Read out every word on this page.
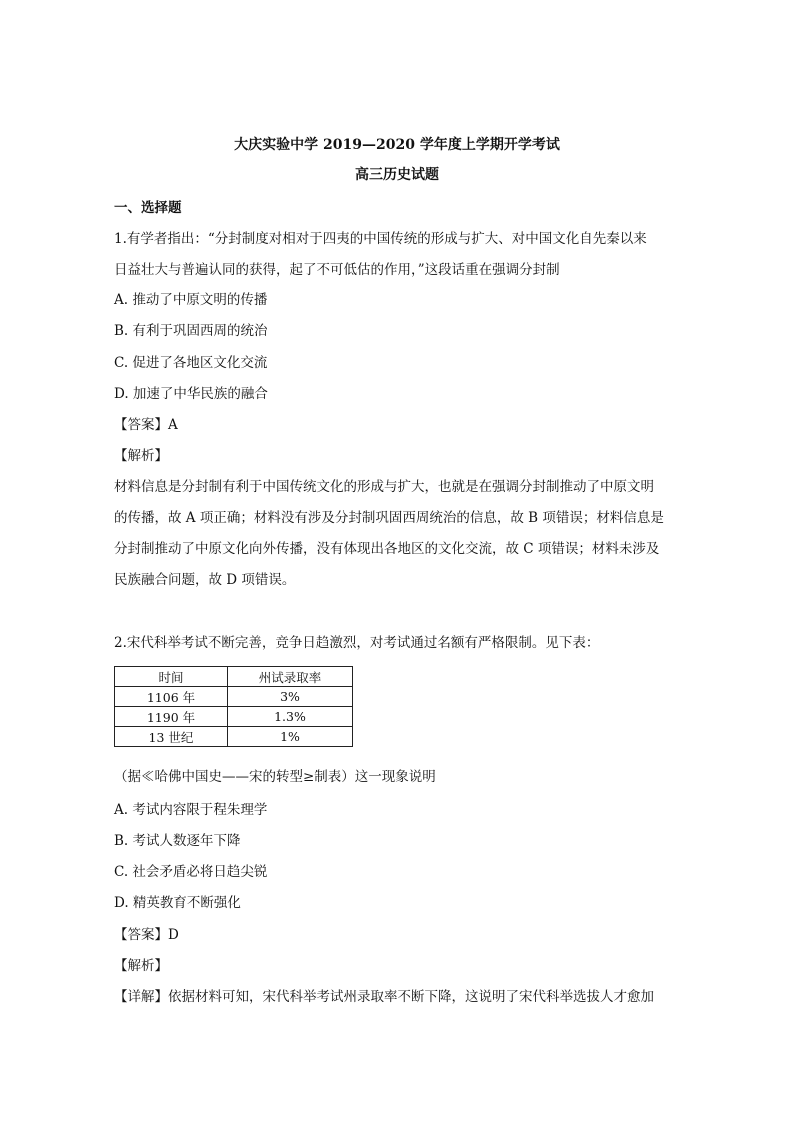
大庆实验中学 2019—2020 学年度上学期开学考试
高三历史试题
一、选择题
1.有学者指出：“分封制度对相对于四夷的中国传统的形成与扩大、对中国文化自先秦以来
日益壮大与普遍认同的获得，起了不可低估的作用，”这段话重在强调分封制
A. 推动了中原文明的传播
B. 有利于巩固西周的统治
C. 促进了各地区文化交流
D. 加速了中华民族的融合
【答案】A
【解析】
材料信息是分封制有利于中国传统文化的形成与扩大，也就是在强调分封制推动了中原文明
的传播，故 A 项正确；材料没有涉及分封制巩固西周统治的信息，故 B 项错误；材料信息是
分封制推动了中原文化向外传播，没有体现出各地区的文化交流，故 C 项错误；材料未涉及
民族融合问题，故 D 项错误。
2.宋代科举考试不断完善，竞争日趋激烈，对考试通过名额有严格限制。见下表：
时间	州试录取率
1106 年	3%
1190 年	1.3%
13 世纪	1%
（据≪哈佛中国史——宋的转型≥制表）这一现象说明
A. 考试内容限于程朱理学
B. 考试人数逐年下降
C. 社会矛盾必将日趋尖锐
D. 精英教育不断强化
【答案】D
【解析】
【详解】依据材料可知，宋代科举考试州录取率不断下降，这说明了宋代科举选拔人才愈加
